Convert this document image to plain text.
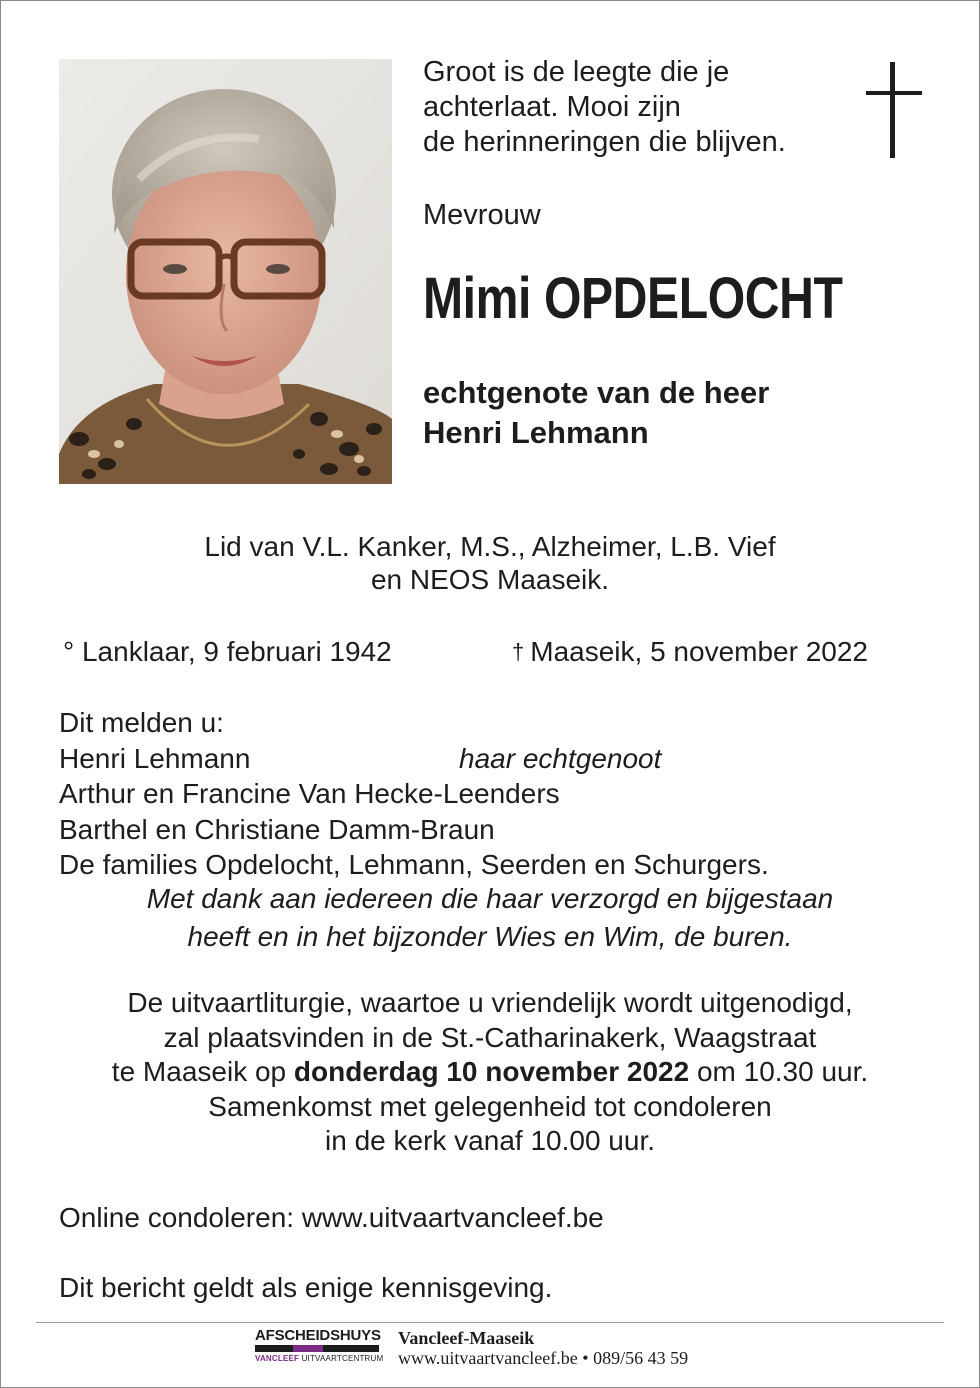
Groot is de leegte die je
achterlaat. Mooi zijn
de herinneringen die blijven.
Mevrouw
Mimi OPDELOCHT
echtgenote van de heer
Henri Lehmann
Lid van V.L. Kanker, M.S., Alzheimer, L.B. Vief
en NEOS Maaseik.
° Lanklaar, 9 februari 1942	† Maaseik, 5 november 2022
Dit melden u:
Henri Lehmann	haar echtgenoot
Arthur en Francine Van Hecke-Leenders
Barthel en Christiane Damm-Braun
De families Opdelocht, Lehmann, Seerden en Schurgers.
Met dank aan iedereen die haar verzorgd en bijgestaan
heeft en in het bijzonder Wies en Wim, de buren.
De uitvaartliturgie, waartoe u vriendelijk wordt uitgenodigd,
zal plaatsvinden in de St.-Catharinakerk, Waagstraat
te Maaseik op donderdag 10 november 2022 om 10.30 uur.
Samenkomst met gelegenheid tot condoleren
in de kerk vanaf 10.00 uur.
Online condoleren: www.uitvaartvancleef.be
Dit bericht geldt als enige kennisgeving.
AFSCHEIDSHUYS
VANCLEEF UITVAARTCENTRUM
Vancleef-Maaseik
www.uitvaartvancleef.be • 089/56 43 59
